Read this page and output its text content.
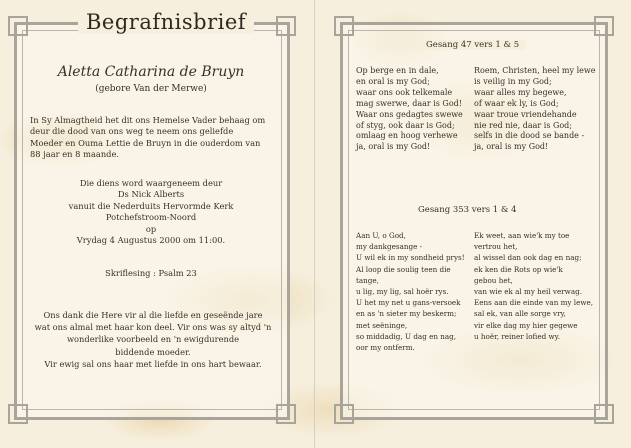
Begrafnisbrief
Aletta Catharina de Bruyn
(gebore Van der Merwe)
In Sy Almagtheid het dit ons Hemelse Vader behaag om
deur die dood van ons weg te neem ons geliefde
Moeder en Ouma Lettie de Bruyn in die ouderdom van
88 jaar en 8 maande.
Die diens word waargeneem deur
Ds Nick Alberts
vanuit die Nederduits Hervormde Kerk
Potchefstroom-Noord
op
Vrydag 4 Augustus 2000 om 11:00.
Skriflesing : Psalm 23
Ons dank die Here vir al die liefde en geseënde jare
wat ons almal met haar kon deel. Vir ons was sy altyd 'n
wonderlike voorbeeld en 'n ewigdurende
biddende moeder.
Vir ewig sal ons haar met liefde in ons hart bewaar.
Gesang 47 vers 1 & 5
Op berge en in dale,
en oral is my God;
waar ons ook telkemale
mag swerwe, daar is God!
Waar ons gedagtes swewe
of styg, ook daar is God;
omlaag en hoog verhewe
ja, oral is my God!
Roem, Christen, heel my lewe
is veilig in my God;
waar alles my begewe,
of waar ek ly, is God;
waar troue vriendehande
nie red nie, daar is God;
selfs in die dood se bande -
ja, oral is my God!
Gesang 353 vers 1 & 4
Aan U, o God,
my dankgesange -
U wil ek in my sondheid prys!
Al loop die soulig teen die
tange,
u lig, my lig, sal hoër rys.
U het my net u gans-versoek
en as 'n sieter my beskerm;
met seëninge,
so middadig, U dag en nag,
oor my ontferm.
Ek weet, aan wie'k my toe
vertrou het,
al wissel dan ook dag en nag;
ek ken die Rots op wie'k
gebou het,
van wie ek al my heil verwag.
Eens aan die einde van my lewe,
sal ek, van alle sorge vry,
vir elke dag my hier gegewe
u hoër, reiner lofied wy.
